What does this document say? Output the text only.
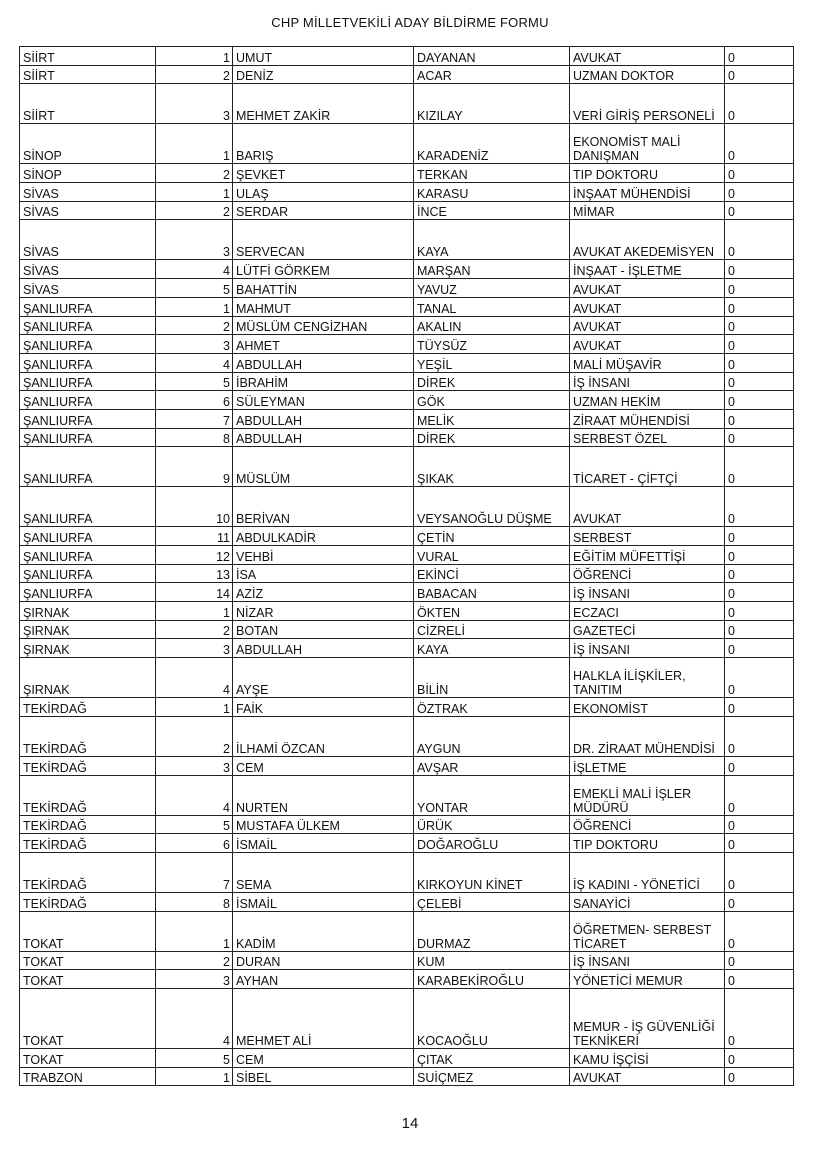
CHP MİLLETVEKİLİ ADAY BİLDİRME FORMU
SİİRT	1	UMUT	DAYANAN	AVUKAT	0
SİİRT	2	DENİZ	ACAR	UZMAN DOKTOR	0
SİİRT	3	MEHMET ZAKİR	KIZILAY	VERİ GİRİŞ PERSONELİ	0
SİNOP	1	BARIŞ	KARADENİZ	EKONOMİST MALİ DANIŞMAN	0
SİNOP	2	ŞEVKET	TERKAN	TIP DOKTORU	0
SİVAS	1	ULAŞ	KARASU	İNŞAAT MÜHENDİSİ	0
SİVAS	2	SERDAR	İNCE	MİMAR	0
SİVAS	3	SERVECAN	KAYA	AVUKAT AKEDEMİSYEN	0
SİVAS	4	LÜTFİ GÖRKEM	MARŞAN	İNŞAAT - İŞLETME	0
SİVAS	5	BAHATTİN	YAVUZ	AVUKAT	0
ŞANLIURFA	1	MAHMUT	TANAL	AVUKAT	0
ŞANLIURFA	2	MÜSLÜM CENGİZHAN	AKALIN	AVUKAT	0
ŞANLIURFA	3	AHMET	TÜYSÜZ	AVUKAT	0
ŞANLIURFA	4	ABDULLAH	YEŞİL	MALİ MÜŞAVİR	0
ŞANLIURFA	5	İBRAHİM	DİREK	İŞ İNSANI	0
ŞANLIURFA	6	SÜLEYMAN	GÖK	UZMAN HEKİM	0
ŞANLIURFA	7	ABDULLAH	MELİK	ZİRAAT MÜHENDİSİ	0
ŞANLIURFA	8	ABDULLAH	DİREK	SERBEST ÖZEL	0
ŞANLIURFA	9	MÜSLÜM	ŞIKAK	TİCARET - ÇİFTÇİ	0
ŞANLIURFA	10	BERİVAN	VEYSANOĞLU DÜŞME	AVUKAT	0
ŞANLIURFA	11	ABDULKADİR	ÇETİN	SERBEST	0
ŞANLIURFA	12	VEHBİ	VURAL	EĞİTİM MÜFETTİŞİ	0
ŞANLIURFA	13	İSA	EKİNCİ	ÖĞRENCİ	0
ŞANLIURFA	14	AZİZ	BABACAN	İŞ İNSANI	0
ŞIRNAK	1	NİZAR	ÖKTEN	ECZACI	0
ŞIRNAK	2	BOTAN	CİZRELİ	GAZETECİ	0
ŞIRNAK	3	ABDULLAH	KAYA	İŞ İNSANI	0
ŞIRNAK	4	AYŞE	BİLİN	HALKLA İLİŞKİLER, TANITIM	0
TEKİRDAĞ	1	FAİK	ÖZTRAK	EKONOMİST	0
TEKİRDAĞ	2	İLHAMİ ÖZCAN	AYGUN	DR. ZİRAAT MÜHENDİSİ	0
TEKİRDAĞ	3	CEM	AVŞAR	İŞLETME	0
TEKİRDAĞ	4	NURTEN	YONTAR	EMEKLİ MALİ İŞLER MÜDÜRÜ	0
TEKİRDAĞ	5	MUSTAFA ÜLKEM	ÜRÜK	ÖĞRENCİ	0
TEKİRDAĞ	6	İSMAİL	DOĞAROĞLU	TIP DOKTORU	0
TEKİRDAĞ	7	SEMA	KIRKOYUN KİNET	İŞ KADINI - YÖNETİCİ	0
TEKİRDAĞ	8	İSMAİL	ÇELEBİ	SANAYİCİ	0
TOKAT	1	KADİM	DURMAZ	ÖĞRETMEN- SERBEST TİCARET	0
TOKAT	2	DURAN	KUM	İŞ İNSANI	0
TOKAT	3	AYHAN	KARABEKİROĞLU	YÖNETİCİ MEMUR	0
TOKAT	4	MEHMET ALİ	KOCAOĞLU	MEMUR - İŞ GÜVENLİĞİ TEKNİKERİ	0
TOKAT	5	CEM	ÇITAK	KAMU İŞÇİSİ	0
TRABZON	1	SİBEL	SUİÇMEZ	AVUKAT	0
14
